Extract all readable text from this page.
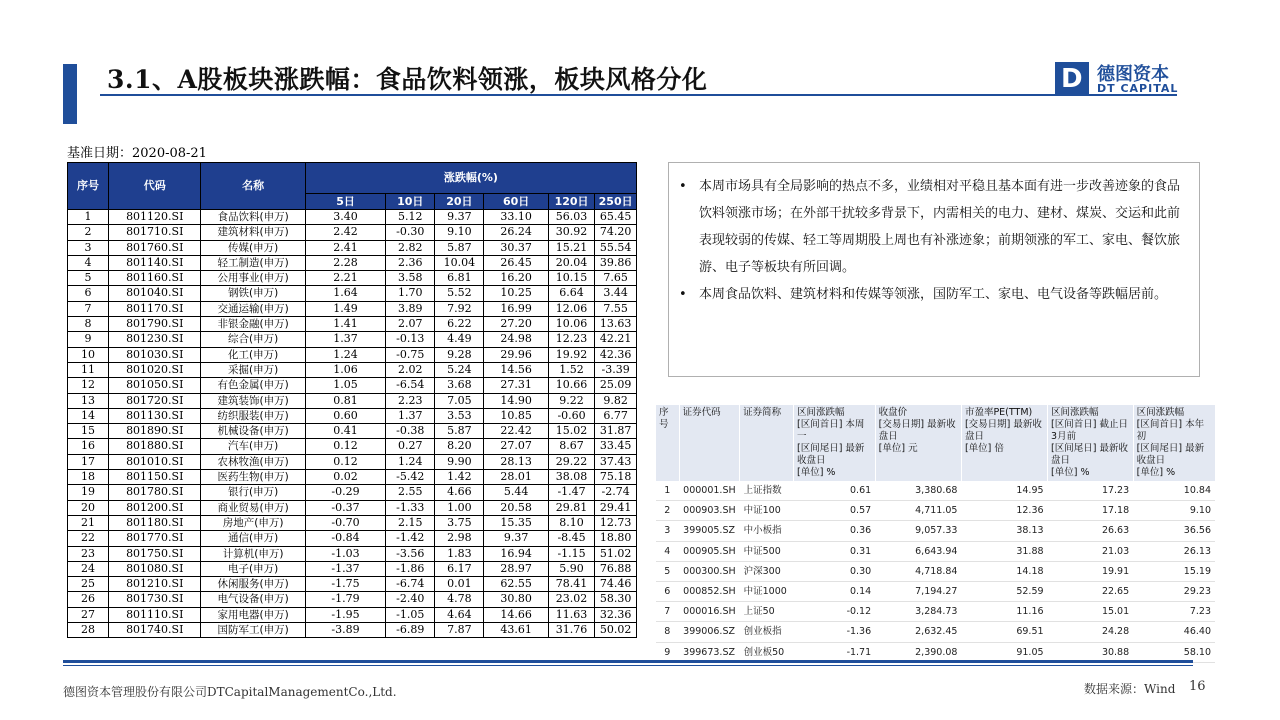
3.1、A股板块涨跌幅：食品饮料领涨，板块风格分化	D 德图资本
DT CAPITAL
基准日期：2020-08-21
序号	代码	名称	涨跌幅(%)					
			5日	10日	20日	60日	120日	250日
1	801120.SI	食品饮料(申万)	3.40	5.12	9.37	33.10	56.03	65.45
2	801710.SI	建筑材料(申万)	2.42	-0.30	9.10	26.24	30.92	74.20
3	801760.SI	传媒(申万)	2.41	2.82	5.87	30.37	15.21	55.54
4	801140.SI	轻工制造(申万)	2.28	2.36	10.04	26.45	20.04	39.86
5	801160.SI	公用事业(申万)	2.21	3.58	6.81	16.20	10.15	7.65
6	801040.SI	钢铁(申万)	1.64	1.70	5.52	10.25	6.64	3.44
7	801170.SI	交通运输(申万)	1.49	3.89	7.92	16.99	12.06	7.55
8	801790.SI	非银金融(申万)	1.41	2.07	6.22	27.20	10.06	13.63
9	801230.SI	综合(申万)	1.37	-0.13	4.49	24.98	12.23	42.21
10	801030.SI	化工(申万)	1.24	-0.75	9.28	29.96	19.92	42.36
11	801020.SI	采掘(申万)	1.06	2.02	5.24	14.56	1.52	-3.39
12	801050.SI	有色金属(申万)	1.05	-6.54	3.68	27.31	10.66	25.09
13	801720.SI	建筑装饰(申万)	0.81	2.23	7.05	14.90	9.22	9.82
14	801130.SI	纺织服装(申万)	0.60	1.37	3.53	10.85	-0.60	6.77
15	801890.SI	机械设备(申万)	0.41	-0.38	5.87	22.42	15.02	31.87
16	801880.SI	汽车(申万)	0.12	0.27	8.20	27.07	8.67	33.45
17	801010.SI	农林牧渔(申万)	0.12	1.24	9.90	28.13	29.22	37.43
18	801150.SI	医药生物(申万)	0.02	-5.42	1.42	28.01	38.08	75.18
19	801780.SI	银行(申万)	-0.29	2.55	4.66	5.44	-1.47	-2.74
20	801200.SI	商业贸易(申万)	-0.37	-1.33	1.00	20.58	29.81	29.41
21	801180.SI	房地产(申万)	-0.70	2.15	3.75	15.35	8.10	12.73
22	801770.SI	通信(申万)	-0.84	-1.42	2.98	9.37	-8.45	18.80
23	801750.SI	计算机(申万)	-1.03	-3.56	1.83	16.94	-1.15	51.02
24	801080.SI	电子(申万)	-1.37	-1.86	6.17	28.97	5.90	76.88
25	801210.SI	休闲服务(申万)	-1.75	-6.74	0.01	62.55	78.41	74.46
26	801730.SI	电气设备(申万)	-1.79	-2.40	4.78	30.80	23.02	58.30
27	801110.SI	家用电器(申万)	-1.95	-1.05	4.64	14.66	11.63	32.36
28	801740.SI	国防军工(申万)	-3.89	-6.89	7.87	43.61	31.76	50.02
• 本周市场具有全局影响的热点不多，业绩相对平稳且基本面有进一步改善迹象的食品饮料领涨市场；在外部干扰较多背景下，内需相关的电力、建材、煤炭、交运和此前表现较弱的传媒、轻工等周期股上周也有补涨迹象；前期领涨的军工、家电、餐饮旅游、电子等板块有所回调。
• 本周食品饮料、建筑材料和传媒等领涨，国防军工、家电、电气设备等跌幅居前。
序号	证券代码	证券简称	区间涨跌幅
[区间首日] 本周一
[区间尾日] 最新收盘日
[单位] %	收盘价
[交易日期] 最新收盘日
[单位] 元	市盈率PE(TTM)
[交易日期] 最新收盘日
[单位] 倍	区间涨跌幅
[区间首日] 截止日3月前
[区间尾日] 最新收盘日
[单位] %	区间涨跌幅
[区间首日] 本年初
[区间尾日] 最新收盘日
[单位] %
1	000001.SH	上证指数	0.61	3,380.68	14.95	17.23	10.84
2	000903.SH	中证100	0.57	4,711.05	12.36	17.18	9.10
3	399005.SZ	中小板指	0.36	9,057.33	38.13	26.63	36.56
4	000905.SH	中证500	0.31	6,643.94	31.88	21.03	26.13
5	000300.SH	沪深300	0.30	4,718.84	14.18	19.91	15.19
6	000852.SH	中证1000	0.14	7,194.27	52.59	22.65	29.23
7	000016.SH	上证50	-0.12	3,284.73	11.16	15.01	7.23
8	399006.SZ	创业板指	-1.36	2,632.45	69.51	24.28	46.40
9	399673.SZ	创业板50	-1.71	2,390.08	91.05	30.88	58.10
德图资本管理股份有限公司DTCapitalManagementCo.,Ltd.	数据来源：Wind 16
